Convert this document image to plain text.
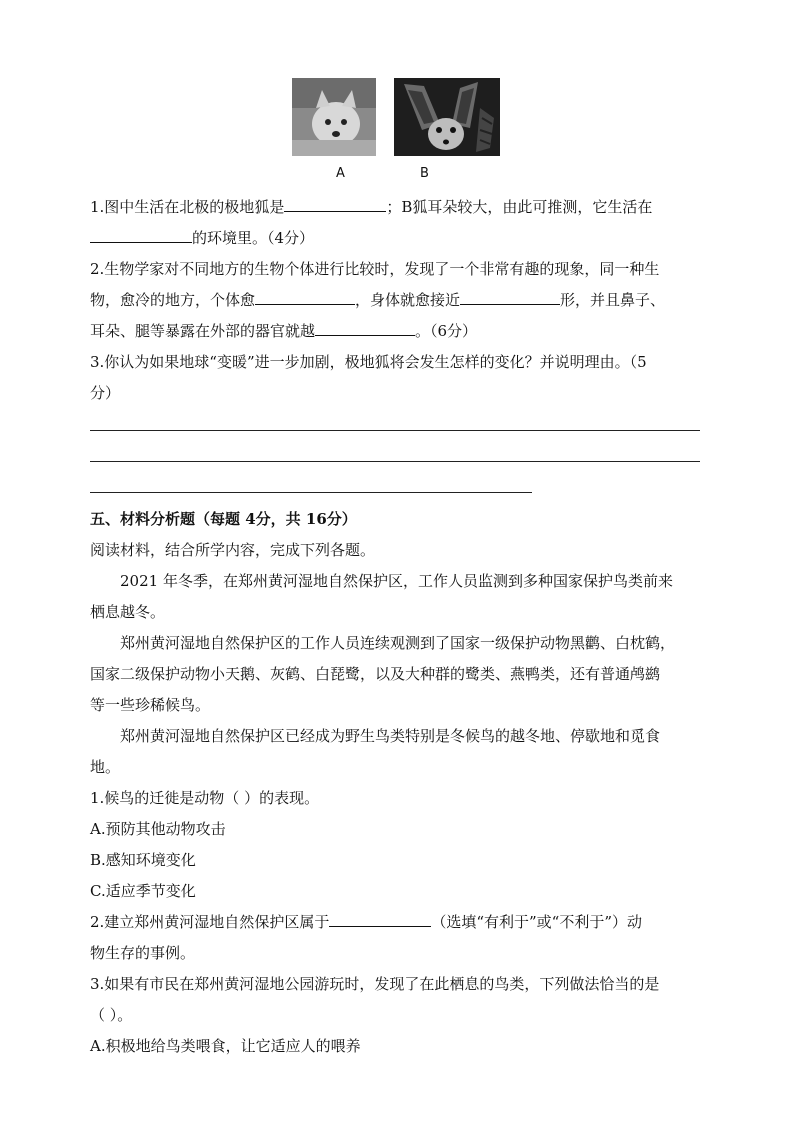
A	B
1.图中生活在北极的极地狐是	；B狐耳朵较大，由此可推测，它生活在
的环境里。（4分）
2.生物学家对不同地方的生物个体进行比较时，发现了一个非常有趣的现象，同一种生
物，愈冷的地方，个体愈	，身体就愈接近	形，并且鼻子、
耳朵、腿等暴露在外部的器官就越	。（6分）
3.你认为如果地球“变暖”进一步加剧，极地狐将会发生怎样的变化？并说明理由。（5
分）
五、材料分析题（每题 4分，共 16分）
阅读材料，结合所学内容，完成下列各题。
2021 年冬季，在郑州黄河湿地自然保护区，工作人员监测到多种国家保护鸟类前来
栖息越冬。
郑州黄河湿地自然保护区的工作人员连续观测到了国家一级保护动物黑鹳、白枕鹤，
国家二级保护动物小天鹅、灰鹤、白琵鹭，以及大种群的鹭类、燕鸭类，还有普通鸬鹚
等一些珍稀候鸟。
郑州黄河湿地自然保护区已经成为野生鸟类特别是冬候鸟的越冬地、停歇地和觅食
地。
1.候鸟的迁徙是动物（ ）的表现。
A.预防其他动物攻击
B.感知环境变化
C.适应季节变化
2.建立郑州黄河湿地自然保护区属于	（选填“有利于”或“不利于”）动
物生存的事例。
3.如果有市民在郑州黄河湿地公园游玩时，发现了在此栖息的鸟类，下列做法恰当的是
（ ）。
A.积极地给鸟类喂食，让它适应人的喂养
